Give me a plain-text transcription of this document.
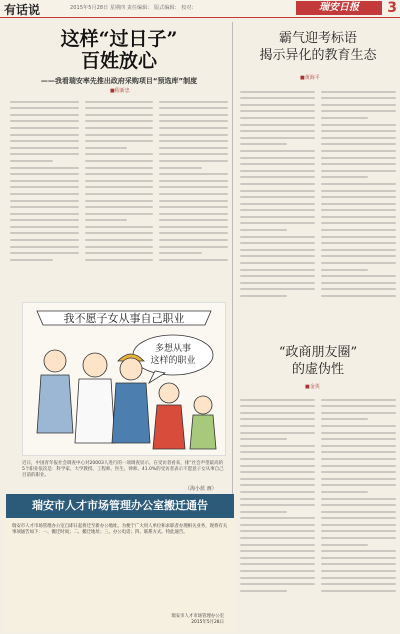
有话说	2015年5月28日 星期四 责任编辑： 版式编辑： 校对：	瑞安日报	3
这样“过日子”
百姓放心
——我看瑞安率先推出政府采购项目“预选库”制度
■程新忠
我不愿子女从事自己职业
多想从事
这样的职业
近日，中国青年报社会调查中心对20003人进行的一项调查显示，在受访者看来，排“社会声望最高的5个职业依次是：科学家、大学教授、工程师、医生、律师。41.0%的受访者表示不愿意子女从事自己目前的职业。
（海小蓝 画）
霸气迎考标语
揭示异化的教育生态
■黄海平
“政商朋友圈”
的虚伪性
■金英
瑞安市人才市场管理办公室搬迁通告
瑞安市人才市场管理办公室自即日起将迁至新办公地址。为便于广大用人单位和求职者办理相关业务，现将有关事项通告如下：一、搬迁时间；二、搬迁地址；三、办公电话；四、联系方式。特此通告。
瑞安市人才市场管理办公室
2015年5月28日
